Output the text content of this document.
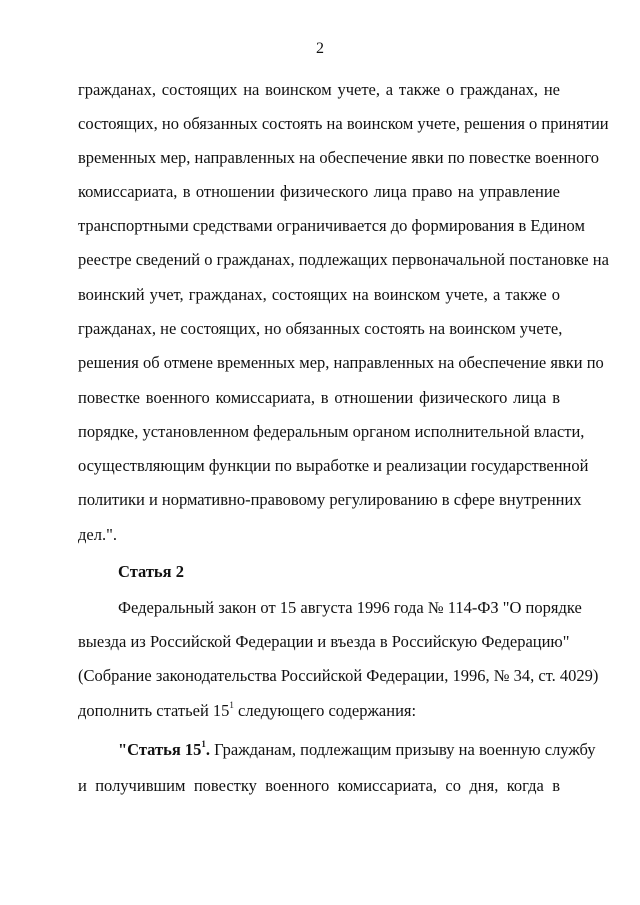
2
гражданах, состоящих на воинском учете, а также о гражданах, не
состоящих, но обязанных состоять на воинском учете, решения о принятии
временных мер, направленных на обеспечение явки по повестке военного
комиссариата, в отношении физического лица право на управление
транспортными средствами ограничивается до формирования в Едином
реестре сведений о гражданах, подлежащих первоначальной постановке на
воинский учет, гражданах, состоящих на воинском учете, а также о
гражданах, не состоящих, но обязанных состоять на воинском учете,
решения об отмене временных мер, направленных на обеспечение явки по
повестке военного комиссариата, в отношении физического лица в
порядке, установленном федеральным органом исполнительной власти,
осуществляющим функции по выработке и реализации государственной
политики и нормативно-правовому регулированию в сфере внутренних
дел.".
Статья 2
Федеральный закон от 15 августа 1996 года № 114-ФЗ "О порядке
выезда из Российской Федерации и въезда в Российскую Федерацию"
(Собрание законодательства Российской Федерации, 1996, № 34, ст. 4029)
дополнить статьей $15^1$ следующего содержания:
"Статья $15^1$. Гражданам, подлежащим призыву на военную службу
и получившим повестку военного комиссариата, со дня, когда в
